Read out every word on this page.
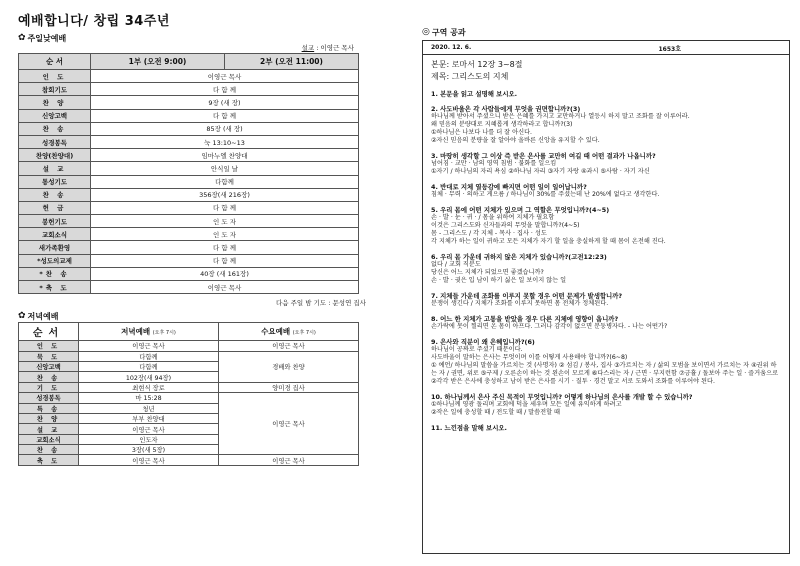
예배합니다/ 창립 34주년
✿ 주일낮예배
설교 : 이영근 목사
순 서	1부 (오전 9:00)	2부 (오전 11:00)
인 도	이영근 목사	
참회기도	다 함 께	
찬 양	9장 (새 장)	
신앙고백	다 함 께	
찬 송	85장 (새 장)	
성경봉독	눅 13:10~13	
찬양(찬양대)	임마누엘 찬양대	
설 교	안식일 날	
통성기도	다함께	
찬 송	356장(새 216장)	
헌 금	다 함 께	
봉헌기도	인 도 자	
교회소식	인 도 자	
새가족환영	다 함 께	
*성도의교제	다 함 께	
*찬 송	40장 (새 161장)	
*축 도	이영근 목사	
다음 주일 밤 기도 : 문성연 집사
✿ 저녁예배
순서	저녁예배 (오후 7시)	수요예배 (오후 7시)
인 도	이영근 목사	이영근 목사
묵 도	다함께	경배와 찬양
신앙고백	다함께	
찬 송	102장(새 94장)	
기 도	최현식 장로	양미경 집사
성경봉독	마 15:28	이영근 목사
특 송	청년	
찬 양	부부 찬양대	
설 교	이영근 목사	
교회소식	인도자	
찬 송	3장(새 5장)	
축 도	이영근 목사	이영근 목사
◎ 구역 공과
2020. 12. 6.	1653호
본문: 로마서 12장 3~8절
제목: 그리스도의 지체
1. 본문을 읽고 설명해 보시오.
2. 사도바울은 각 사람들에게 무엇을 권면합니까?(3)
하나님께 받아서 주셨으니 받은 은혜를 가지고 교만하거나 열등시 하지 말고 조화를 잘 이루어라.
왜 믿음의 분량대로 지혜롭게 생각하라고 합니까?(3)
①하나님은 나보다 나를 더 잘 아신다.
②자신 믿음의 분량을 잘 알아야 올바른 신앙을 유지할 수 있다.
3. 마땅히 생각할 그 이상 즉 받은 은사를 교만히 여길 때 어떤 결과가 나옵니까?
넘어짐 · 교만 · 남의 영역 침범 · 불화를 일으킴
①자기 / 하나님의 자리 욕심 ②하나님 자리 ③자기 자랑 ④과시 ⑤사람 · 자기 자신
4. 반대로 지체 열등감에 빠지면 어떤 일이 일어납니까?
침체 · 무력 · 의하고 게으름 / 하나님이 30%를 주셨는데 난 20%에 없다고 생각한다.
5. 우리 몸에 어떤 지체가 있으며 그 역할은 무엇입니까?(4~5)
손 · 발 · 눈 · 귀 · / 몸을 위하여 지체가 필요함
이것은 그리스도와 신자들과의 무엇을 말합니까?(4~5)
몸 - 그리스도 / 각 지체 - 목사 · 집사 · 성도
각 지체가 하는 일이 귀하고 모든 지체가 자기 할 일을 충실하게 할 때 몸이 온전해 진다.
6. 우리 몸 가운데 귀하지 않은 지체가 있습니까?(고전12:23)
없다 / 교회 직분도
당신은 어느 지체가 되었으면 좋겠습니까?
손 · 발 · 귓은 입 남이 하기 싫은 일 보이지 않는 일
7. 지체들 가운데 조화를 이루지 못할 경우 어떤 문제가 발생합니까?
분쟁이 생긴다 / 지체가 조화를 이루지 못하면 몸 전체가 정체된다.
8. 어느 한 지체가 고통을 받았을 경우 다른 지체에 영향이 옵니까?
손가락에 못이 찔리면 온 몸이 아프다. 그러나 감각이 없으면 문둥병자다. - 나는 어떤가?
9. 은사와 직분이 왜 은혜입니까?(6)
하나님이 공짜로 주셨기 때문이다.
사도바울이 말하는 은사는 무엇이며 이를 어떻게 사용해야 합니까?(6~8)
① 예언/ 하나님의 말씀을 가르치는 것 (사명자) ② 섬김 / 봉사, 집사 ③가르치는 자 / 삶의 모범을 보이면서 가르치는 자 ④권위 하는 자 / 권면, 위로 ⑤구제 / 오른손이 하는 것 왼손이 모르게 ⑥다스리는 자 / 근면 · 부지런함 ⑦긍휼 / 돌보아 주는 일 · 즐거움으로
②각각 받은 은사에 충성하고 남이 받은 은사를 시기 · 질투 · 경건 말고 서로 도와서 조화를 이루어야 된다.
10. 하나님께서 은사 주신 목적이 무엇입니까? 어떻게 하나님의 은사를 개발 할 수 있습니까?
①하나님께 영광 돌리며 교회에 덕을 세우며 모든 일에 유익하게 하려고
②작은 일에 충성할 때 / 전도할 때 / 말씀전할 때
11. 느낀점을 말해 보시오.
